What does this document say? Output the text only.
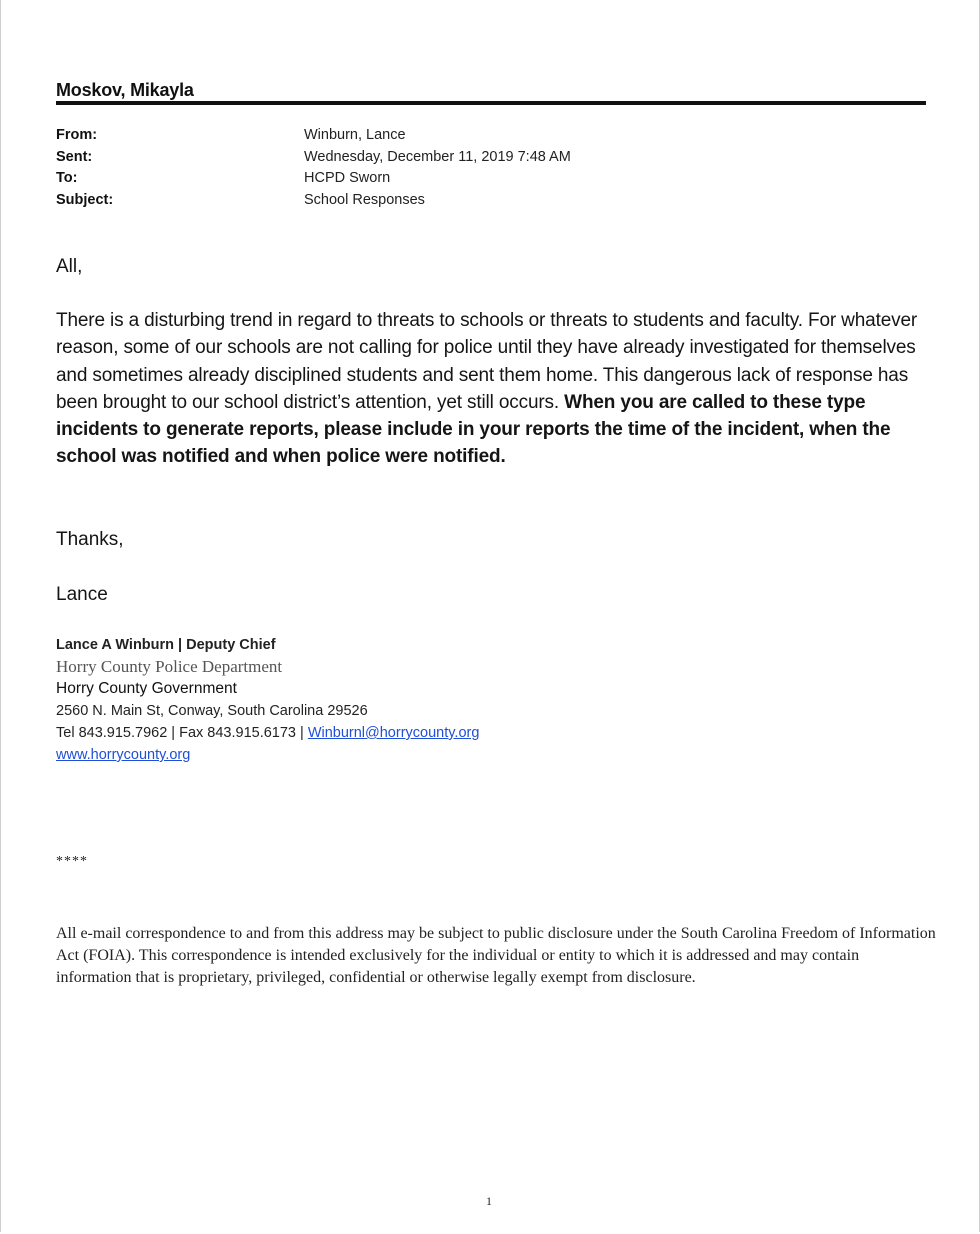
Moskov, Mikayla
From:	Winburn, Lance
Sent:	Wednesday, December 11, 2019 7:48 AM
To:	HCPD Sworn
Subject:	School Responses
All,
There is a disturbing trend in regard to threats to schools or threats to students and faculty. For whatever reason, some of our schools are not calling for police until they have already investigated for themselves and sometimes already disciplined students and sent them home. This dangerous lack of response has been brought to our school district’s attention, yet still occurs. When you are called to these type incidents to generate reports, please include in your reports the time of the incident, when the school was notified and when police were notified.
Thanks,
Lance
Lance A Winburn | Deputy Chief
Horry County Police Department
Horry County Government
2560 N. Main St, Conway, South Carolina 29526
Tel 843.915.7962 | Fax 843.915.6173 | Winburnl@horrycounty.org
www.horrycounty.org
****
All e-mail correspondence to and from this address may be subject to public disclosure under the South Carolina Freedom of Information Act (FOIA). This correspondence is intended exclusively for the individual or entity to which it is addressed and may contain information that is proprietary, privileged, confidential or otherwise legally exempt from disclosure.
1
